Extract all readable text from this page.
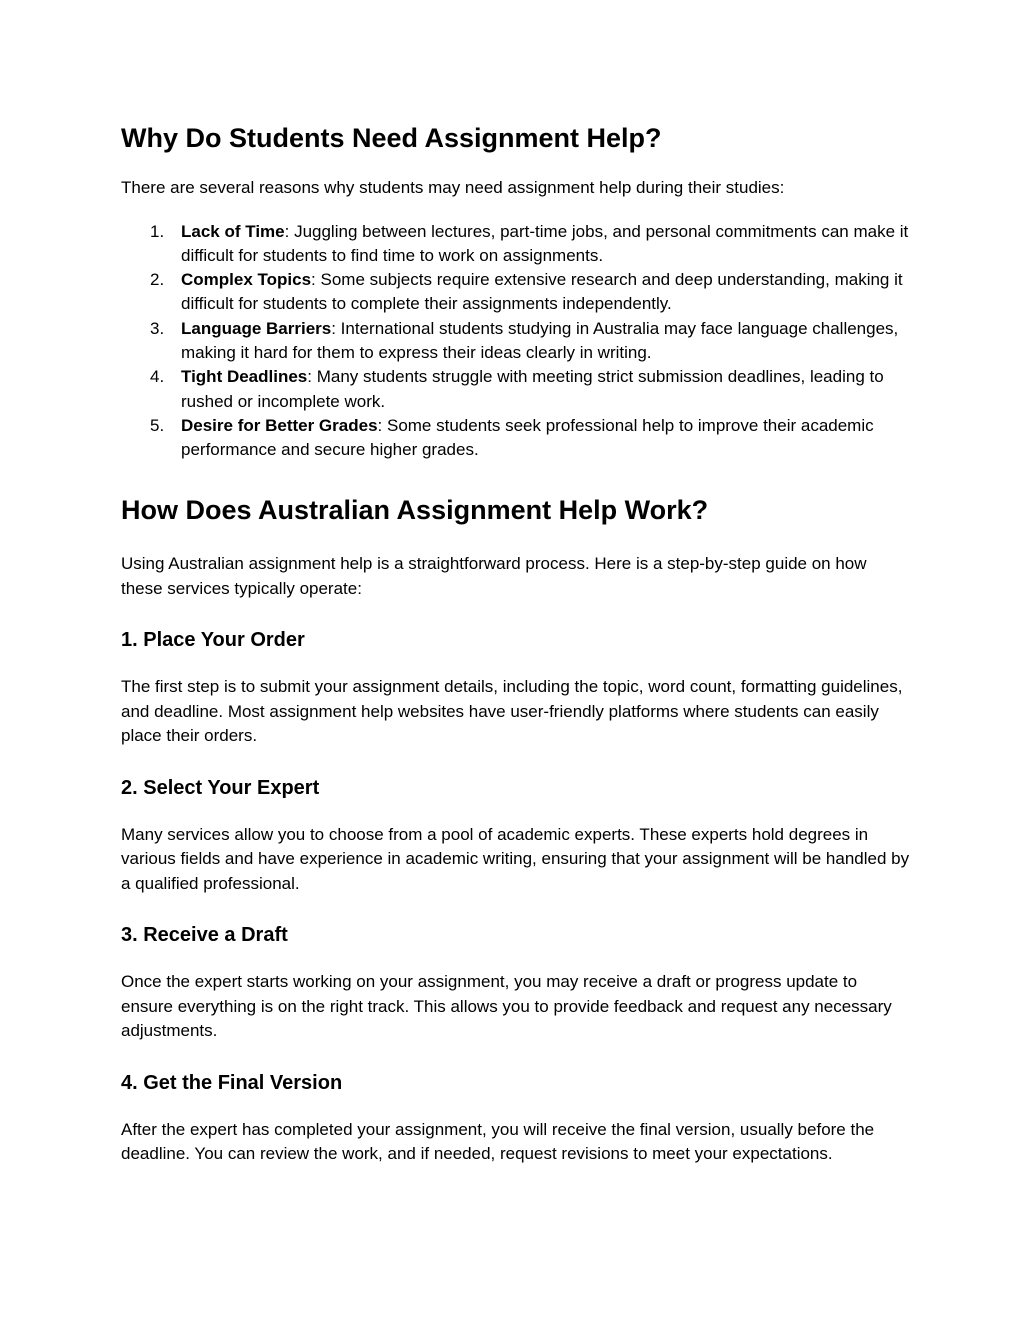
Why Do Students Need Assignment Help?

There are several reasons why students may need assignment help during their studies:

1. Lack of Time: Juggling between lectures, part-time jobs, and personal commitments can make it difficult for students to find time to work on assignments.
2. Complex Topics: Some subjects require extensive research and deep understanding, making it difficult for students to complete their assignments independently.
3. Language Barriers: International students studying in Australia may face language challenges, making it hard for them to express their ideas clearly in writing.
4. Tight Deadlines: Many students struggle with meeting strict submission deadlines, leading to rushed or incomplete work.
5. Desire for Better Grades: Some students seek professional help to improve their academic performance and secure higher grades.
How Does Australian Assignment Help Work?

Using Australian assignment help is a straightforward process. Here is a step-by-step guide on how these services typically operate:

1. Place Your Order

The first step is to submit your assignment details, including the topic, word count, formatting guidelines, and deadline. Most assignment help websites have user-friendly platforms where students can easily place their orders.

2. Select Your Expert

Many services allow you to choose from a pool of academic experts. These experts hold degrees in various fields and have experience in academic writing, ensuring that your assignment will be handled by a qualified professional.

3. Receive a Draft

Once the expert starts working on your assignment, you may receive a draft or progress update to ensure everything is on the right track. This allows you to provide feedback and request any necessary adjustments.

4. Get the Final Version

After the expert has completed your assignment, you will receive the final version, usually before the deadline. You can review the work, and if needed, request revisions to meet your expectations.
